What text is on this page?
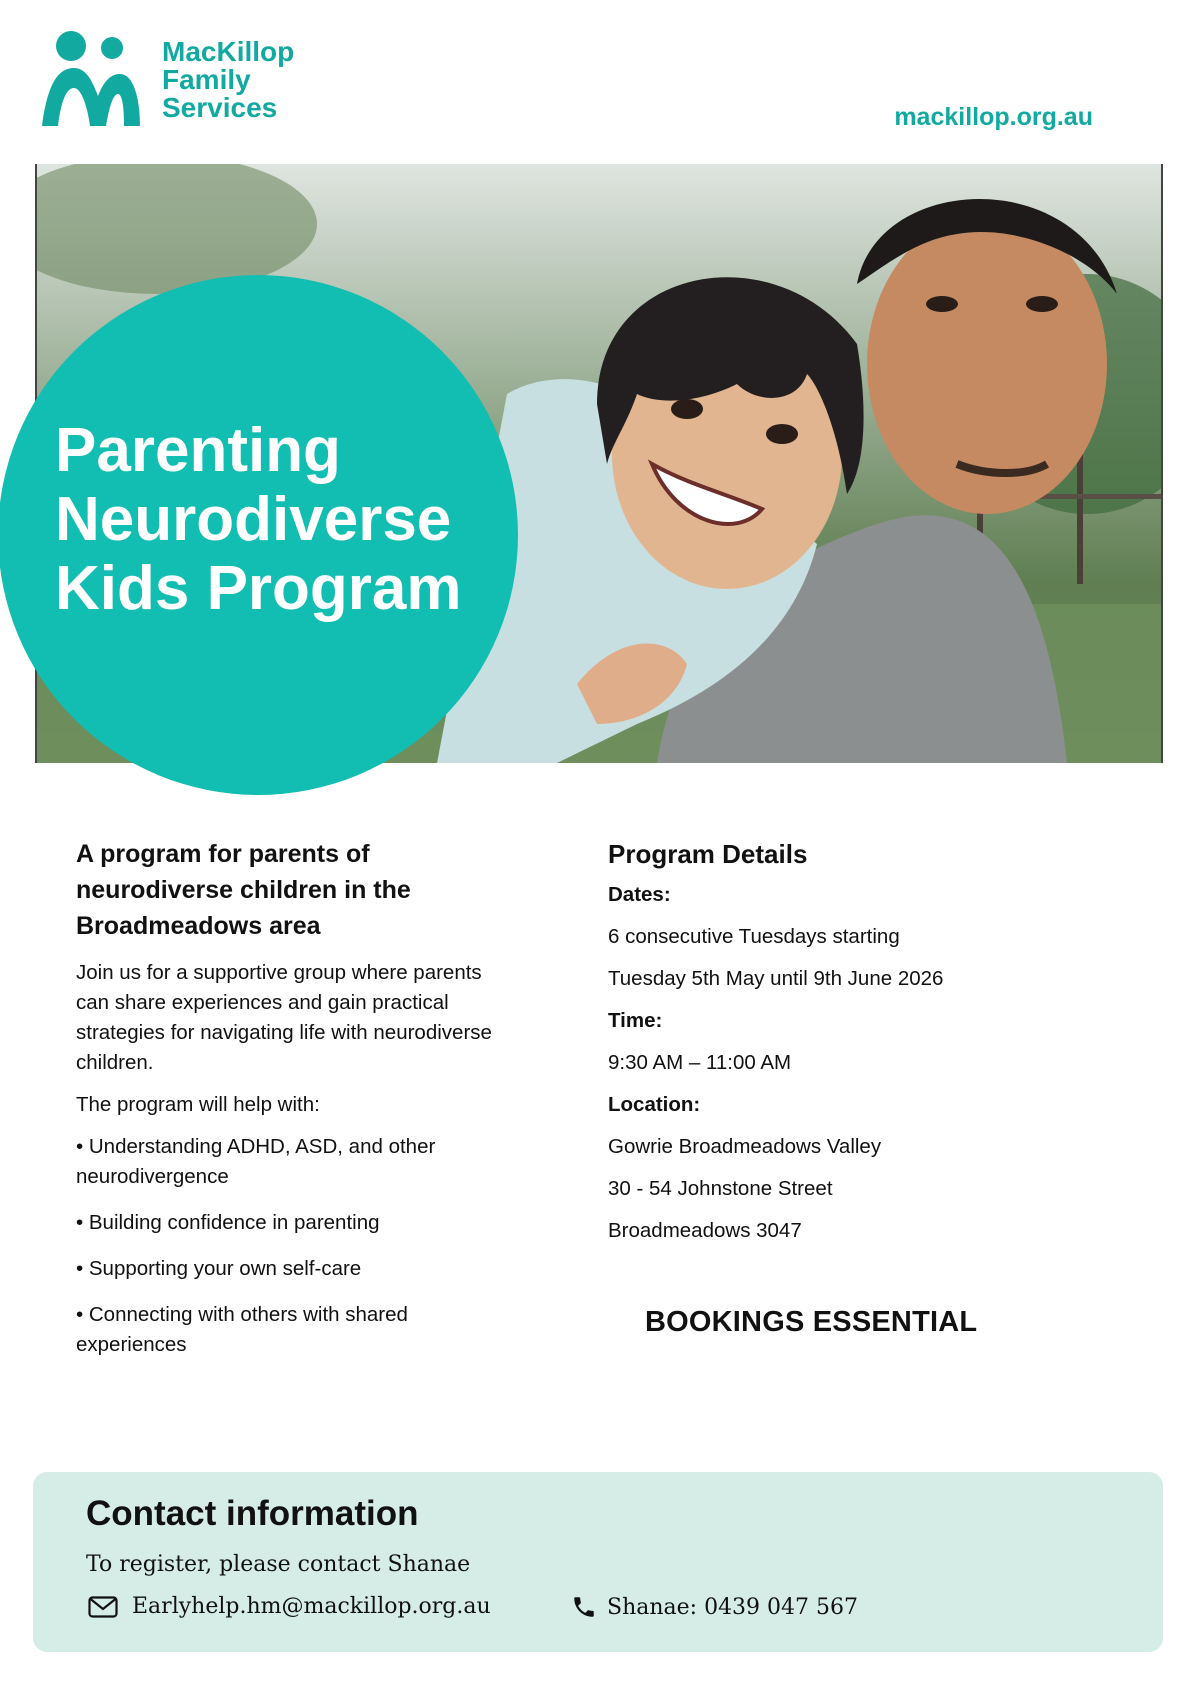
MacKillop
Family
Services	mackillop.org.au
Parenting
Neurodiverse
Kids Program
A program for parents of neurodiverse children in the Broadmeadows area

Join us for a supportive group where parents can share experiences and gain practical strategies for navigating life with neurodiverse children.

The program will help with:

• Understanding ADHD, ASD, and other neurodivergence
• Building confidence in parenting
• Supporting your own self-care
• Connecting with others with shared experiences
Program Details
Dates:
6 consecutive Tuesdays starting
Tuesday 5th May until 9th June 2026
Time:
9:30 AM – 11:00 AM
Location:
Gowrie Broadmeadows Valley
30 - 54 Johnstone Street
Broadmeadows 3047
BOOKINGS ESSENTIAL
Contact information
To register, please contact Shanae
Earlyhelp.hm@mackillop.org.au	Shanae: 0439 047 567
